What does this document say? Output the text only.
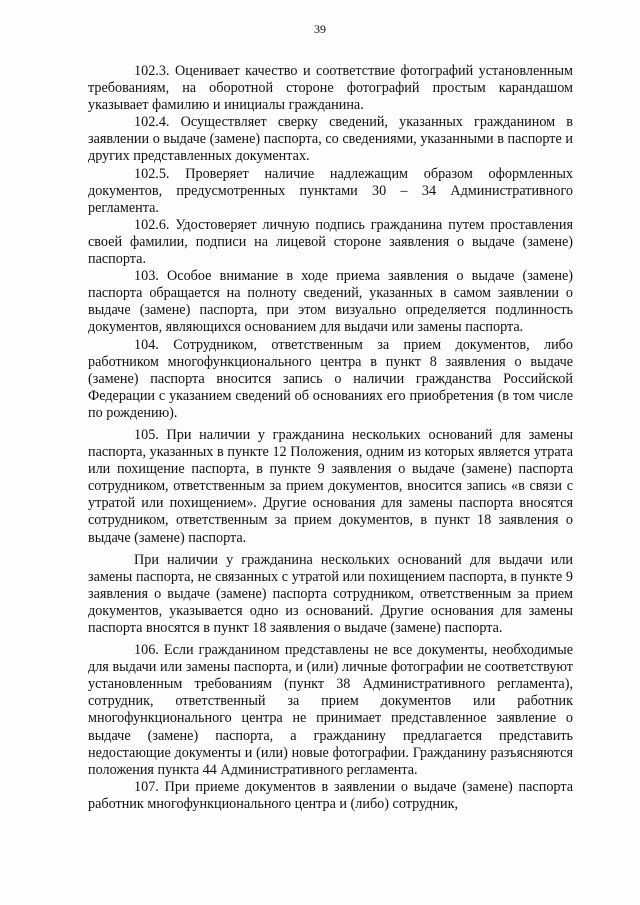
39

102.3. Оценивает качество и соответствие фотографий установленным требованиям, на оборотной стороне фотографий простым карандашом указывает фамилию и инициалы гражданина.

102.4. Осуществляет сверку сведений, указанных гражданином в заявлении о выдаче (замене) паспорта, со сведениями, указанными в паспорте и других представленных документах.

102.5. Проверяет наличие надлежащим образом оформленных документов, предусмотренных пунктами 30 – 34 Административного регламента.

102.6. Удостоверяет личную подпись гражданина путем проставления своей фамилии, подписи на лицевой стороне заявления о выдаче (замене) паспорта.

103. Особое внимание в ходе приема заявления о выдаче (замене) паспорта обращается на полноту сведений, указанных в самом заявлении о выдаче (замене) паспорта, при этом визуально определяется подлинность документов, являющихся основанием для выдачи или замены паспорта.

104. Сотрудником, ответственным за прием документов, либо работником многофункционального центра в пункт 8 заявления о выдаче (замене) паспорта вносится запись о наличии гражданства Российской Федерации с указанием сведений об основаниях его приобретения (в том числе по рождению).

105. При наличии у гражданина нескольких оснований для замены паспорта, указанных в пункте 12 Положения, одним из которых является утрата или похищение паспорта, в пункте 9 заявления о выдаче (замене) паспорта сотрудником, ответственным за прием документов, вносится запись «в связи с утратой или похищением». Другие основания для замены паспорта вносятся сотрудником, ответственным за прием документов, в пункт 18 заявления о выдаче (замене) паспорта.

При наличии у гражданина нескольких оснований для выдачи или замены паспорта, не связанных с утратой или похищением паспорта, в пункте 9 заявления о выдаче (замене) паспорта сотрудником, ответственным за прием документов, указывается одно из оснований. Другие основания для замены паспорта вносятся в пункт 18 заявления о выдаче (замене) паспорта.

106. Если гражданином представлены не все документы, необходимые для выдачи или замены паспорта, и (или) личные фотографии не соответствуют установленным требованиям (пункт 38 Административного регламента), сотрудник, ответственный за прием документов или работник многофункционального центра не принимает представленное заявление о выдаче (замене) паспорта, а гражданину предлагается представить недостающие документы и (или) новые фотографии. Гражданину разъясняются положения пункта 44 Административного регламента.

107. При приеме документов в заявлении о выдаче (замене) паспорта работник многофункционального центра и (либо) сотрудник,
